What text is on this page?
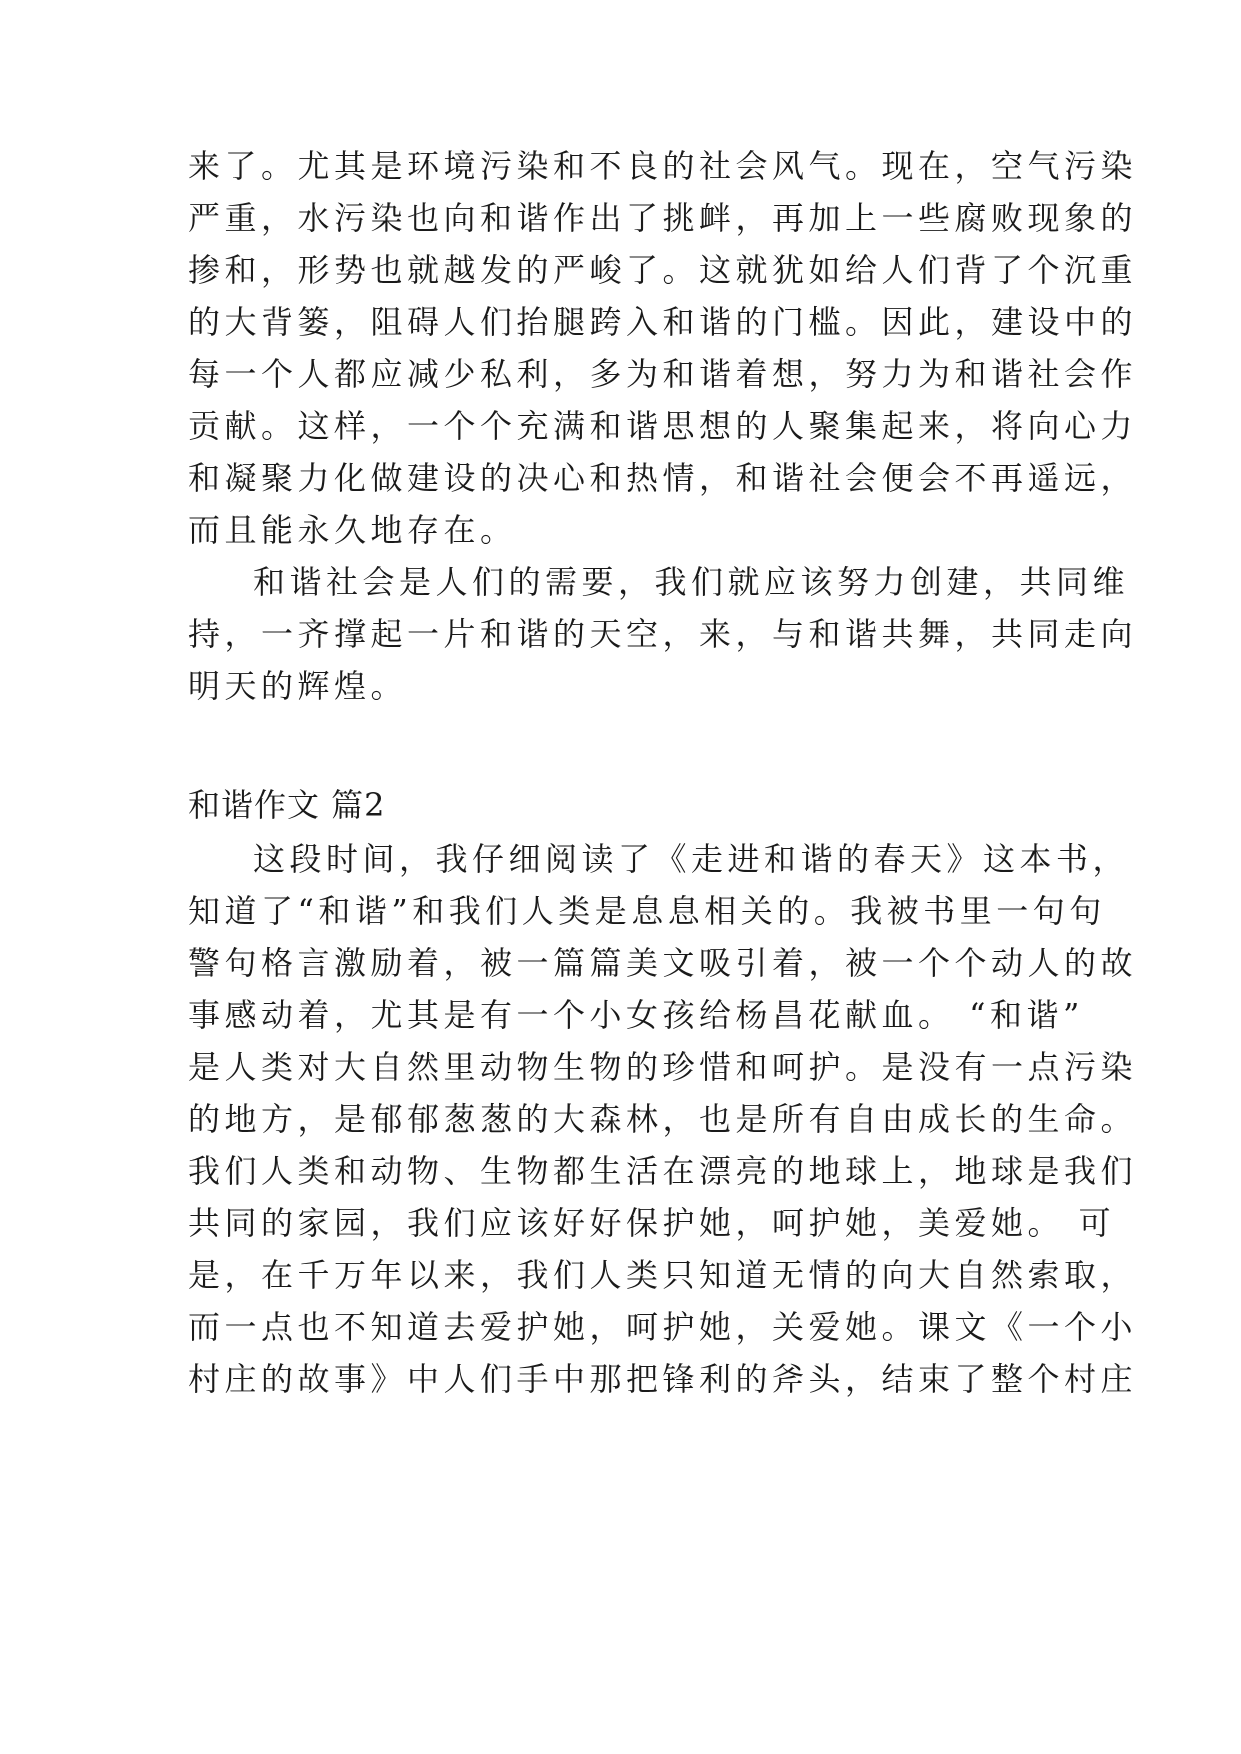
来了。尤其是环境污染和不良的社会风气。现在，空气污染
严重，水污染也向和谐作出了挑衅，再加上一些腐败现象的
掺和，形势也就越发的严峻了。这就犹如给人们背了个沉重
的大背篓，阻碍人们抬腿跨入和谐的门槛。因此，建设中的
每一个人都应减少私利，多为和谐着想，努力为和谐社会作
贡献。这样，一个个充满和谐思想的人聚集起来，将向心力
和凝聚力化做建设的决心和热情，和谐社会便会不再遥远，
而且能永久地存在。
和谐社会是人们的需要，我们就应该努力创建，共同维
持，一齐撑起一片和谐的天空，来，与和谐共舞，共同走向
明天的辉煌。
和谐作文 篇2
这段时间，我仔细阅读了《走进和谐的春天》这本书，
知道了“和谐”和我们人类是息息相关的。我被书里一句句
警句格言激励着，被一篇篇美文吸引着，被一个个动人的故
事感动着，尤其是有一个小女孩给杨昌花献血。 “和谐”
是人类对大自然里动物生物的珍惜和呵护。是没有一点污染
的地方，是郁郁葱葱的大森林，也是所有自由成长的生命。
我们人类和动物、生物都生活在漂亮的地球上，地球是我们
共同的家园，我们应该好好保护她，呵护她，美爱她。 可
是，在千万年以来，我们人类只知道无情的向大自然索取，
而一点也不知道去爱护她，呵护她，关爱她。课文《一个小
村庄的故事》中人们手中那把锋利的斧头，结束了整个村庄
